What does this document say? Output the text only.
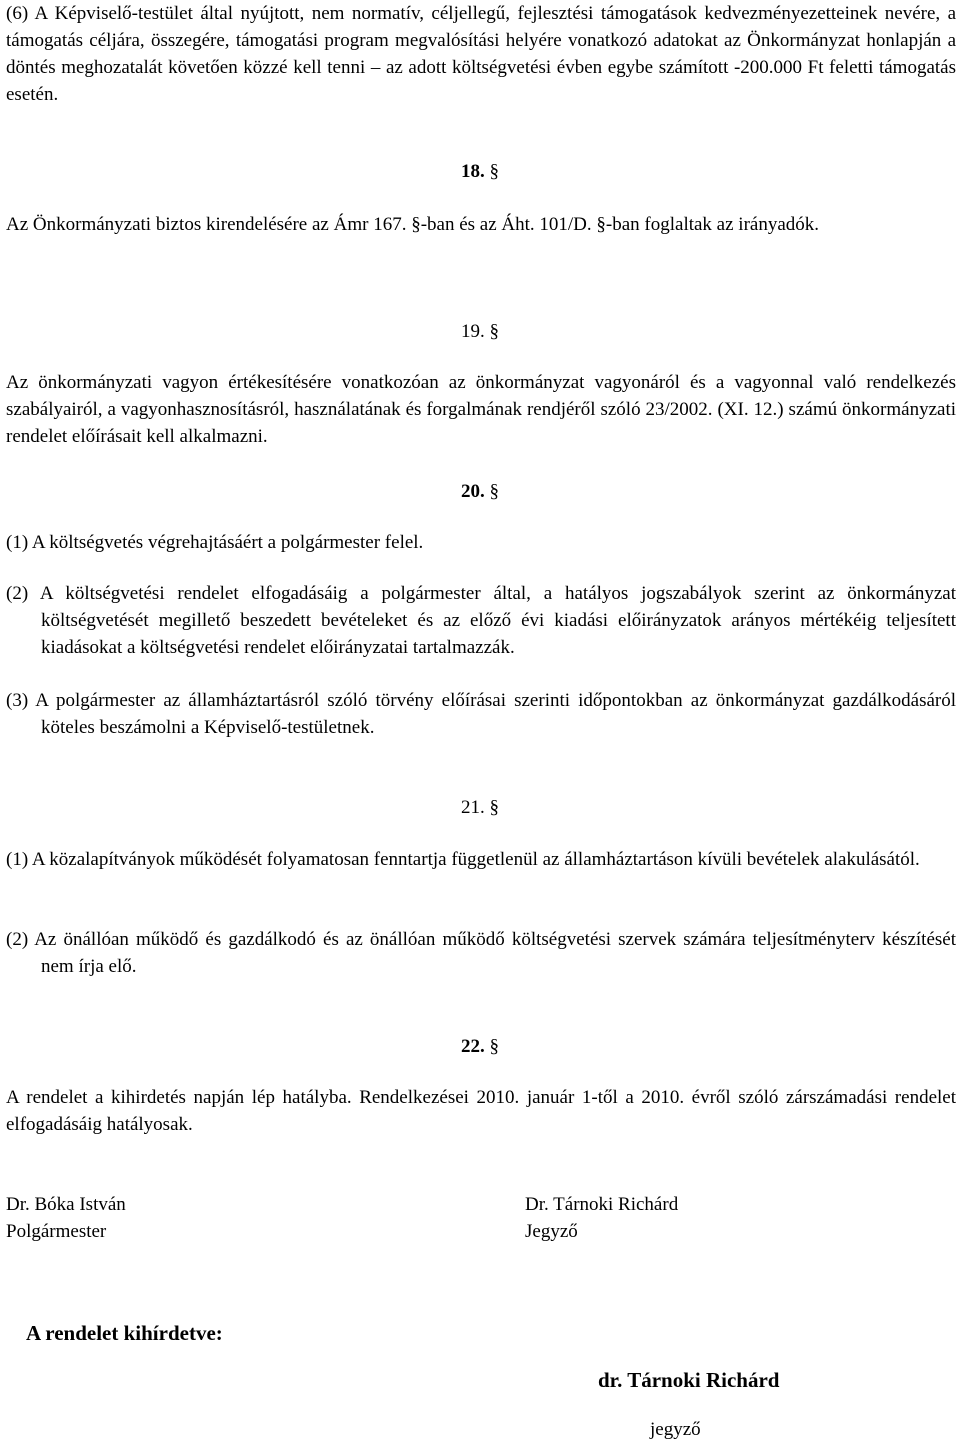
(6) A Képviselő-testület által nyújtott, nem normatív, céljellegű, fejlesztési támogatások kedvezményezetteinek nevére, a támogatás céljára, összegére, támogatási program megvalósítási helyére vonatkozó adatokat az Önkormányzat honlapján a döntés meghozatalát követően közzé kell tenni – az adott költségvetési évben egybe számított -200.000 Ft feletti támogatás esetén.
18. §
Az Önkormányzati biztos kirendelésére az Ámr 167. §-ban és az Áht. 101/D. §-ban foglaltak az irányadók.
19. §
Az önkormányzati vagyon értékesítésére vonatkozóan az önkormányzat vagyonáról és a vagyonnal való rendelkezés szabályairól, a vagyonhasznosításról, használatának és forgalmának rendjéről szóló 23/2002. (XI. 12.) számú önkormányzati rendelet előírásait kell alkalmazni.
20. §
(1) A költségvetés végrehajtásáért a polgármester felel.
(2) A költségvetési rendelet elfogadásáig a polgármester által, a hatályos jogszabályok szerint az önkormányzat költségvetését megillető beszedett bevételeket és az előző évi kiadási előirányzatok arányos mértékéig teljesített kiadásokat a költségvetési rendelet előirányzatai tartalmazzák.
(3) A polgármester az államháztartásról szóló törvény előírásai szerinti időpontokban az önkormányzat gazdálkodásáról köteles beszámolni a Képviselő-testületnek.
21. §
(1) A közalapítványok működését folyamatosan fenntartja függetlenül az államháztartáson kívüli bevételek alakulásától.
(2) Az önállóan működő és gazdálkodó és az önállóan működő költségvetési szervek számára teljesítményterv készítését nem írja elő.
22. §
A rendelet a kihirdetés napján lép hatályba. Rendelkezései 2010. január 1-től a 2010. évről szóló zárszámadási rendelet elfogadásáig hatályosak.
Dr. Bóka István
Polgármester
Dr. Tárnoki Richárd
Jegyző
A rendelet kihírdetve:
dr. Tárnoki Richárd
jegyző
